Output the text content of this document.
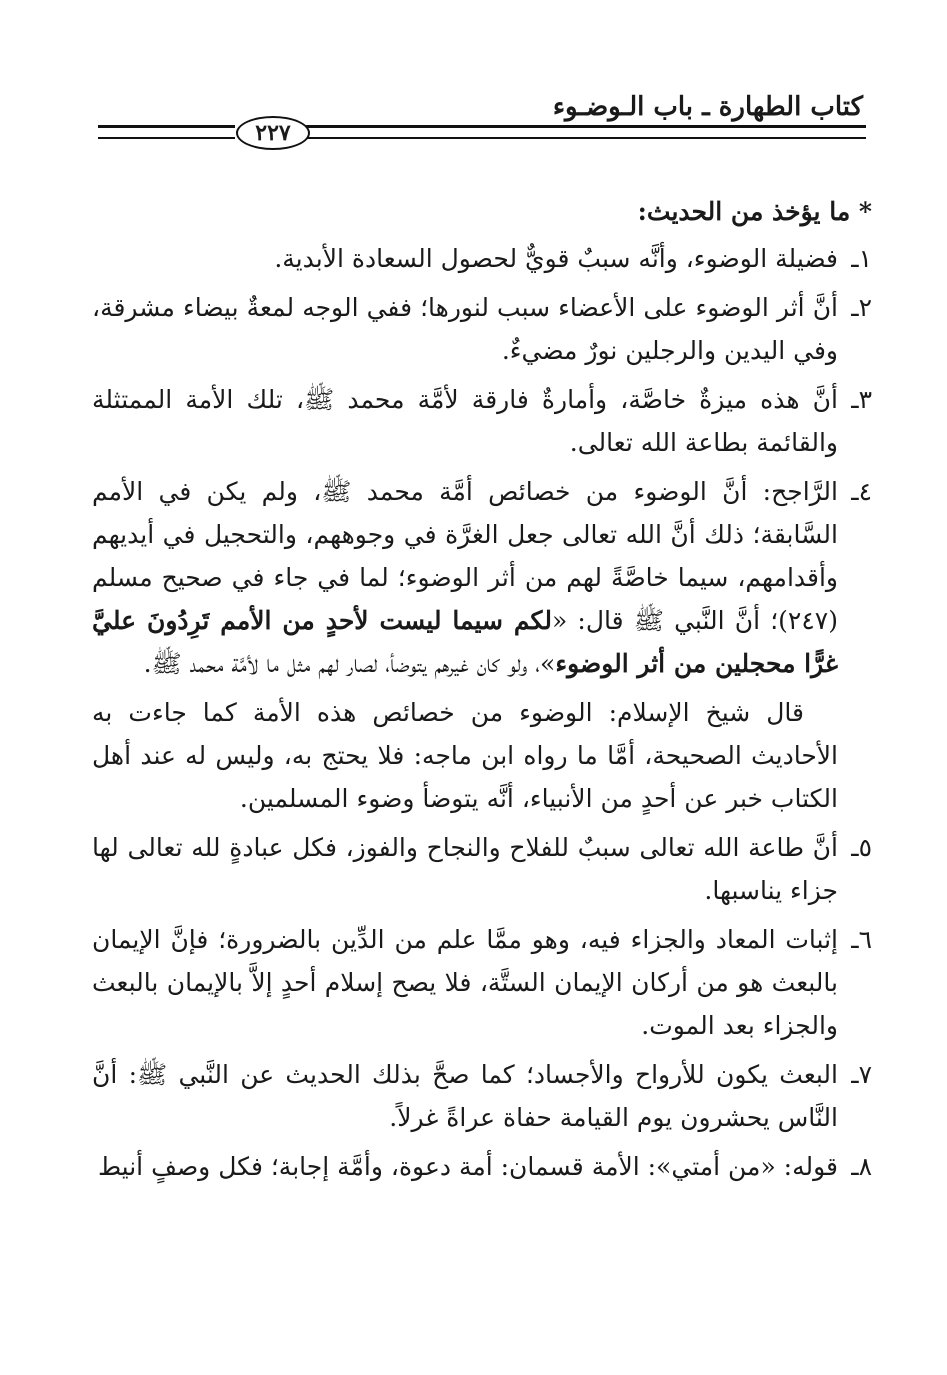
كتاب الطهارة ـ باب الـوضـوء
٢٢٧
* ما يؤخذ من الحديث:
١ـ
فضيلة الوضوء، وأنَّه سببٌ قويٌّ لحصول السعادة الأبدية.
٢ـ
أنَّ أثر الوضوء على الأعضاء سبب لنورها؛ ففي الوجه لمعةٌ بيضاء مشرقة، وفي اليدين والرجلين نورٌ مضيءٌ.
٣ـ
أنَّ هذه ميزةٌ خاصَّة، وأمارةٌ فارقة لأمَّة محمد ﷺ، تلك الأمة الممتثلة والقائمة بطاعة الله تعالى.
٤ـ
الرَّاجح: أنَّ الوضوء من خصائص أمَّة محمد ﷺ، ولم يكن في الأمم السَّابقة؛ ذلك أنَّ الله تعالى جعل الغرَّة في وجوههم، والتحجيل في أيديهم وأقدامهم، سيما خاصَّةً لهم من أثر الوضوء؛ لما في جاء في صحيح مسلم (٢٤٧)؛ أنَّ النَّبي ﷺ قال: «لكم سيما ليست لأحدٍ من الأمم تَرِدُونَ عليَّ غرًّا محجلين من أثر الوضوء»، ولو كان غيرهم يتوضأ، لصار لهم مثل ما لأمَّة محمد ﷺ.
قال شيخ الإسلام: الوضوء من خصائص هذه الأمة كما جاءت به الأحاديث الصحيحة، أمَّا ما رواه ابن ماجه: فلا يحتج به، وليس له عند أهل الكتاب خبر عن أحدٍ من الأنبياء، أنَّه يتوضأ وضوء المسلمين.
٥ـ
أنَّ طاعة الله تعالى سببٌ للفلاح والنجاح والفوز، فكل عبادةٍ لله تعالى لها جزاء يناسبها.
٦ـ
إثبات المعاد والجزاء فيه، وهو ممَّا علم من الدِّين بالضرورة؛ فإنَّ الإيمان بالبعث هو من أركان الإيمان الستَّة، فلا يصح إسلام أحدٍ إلاَّ بالإيمان بالبعث والجزاء بعد الموت.
٧ـ
البعث يكون للأرواح والأجساد؛ كما صحَّ بذلك الحديث عن النَّبي ﷺ: أنَّ النَّاس يحشرون يوم القيامة حفاة عراةً غرلاً.
٨ـ
قوله: «من أمتي»: الأمة قسمان: أمة دعوة، وأمَّة إجابة؛ فكل وصفٍ أنيط
